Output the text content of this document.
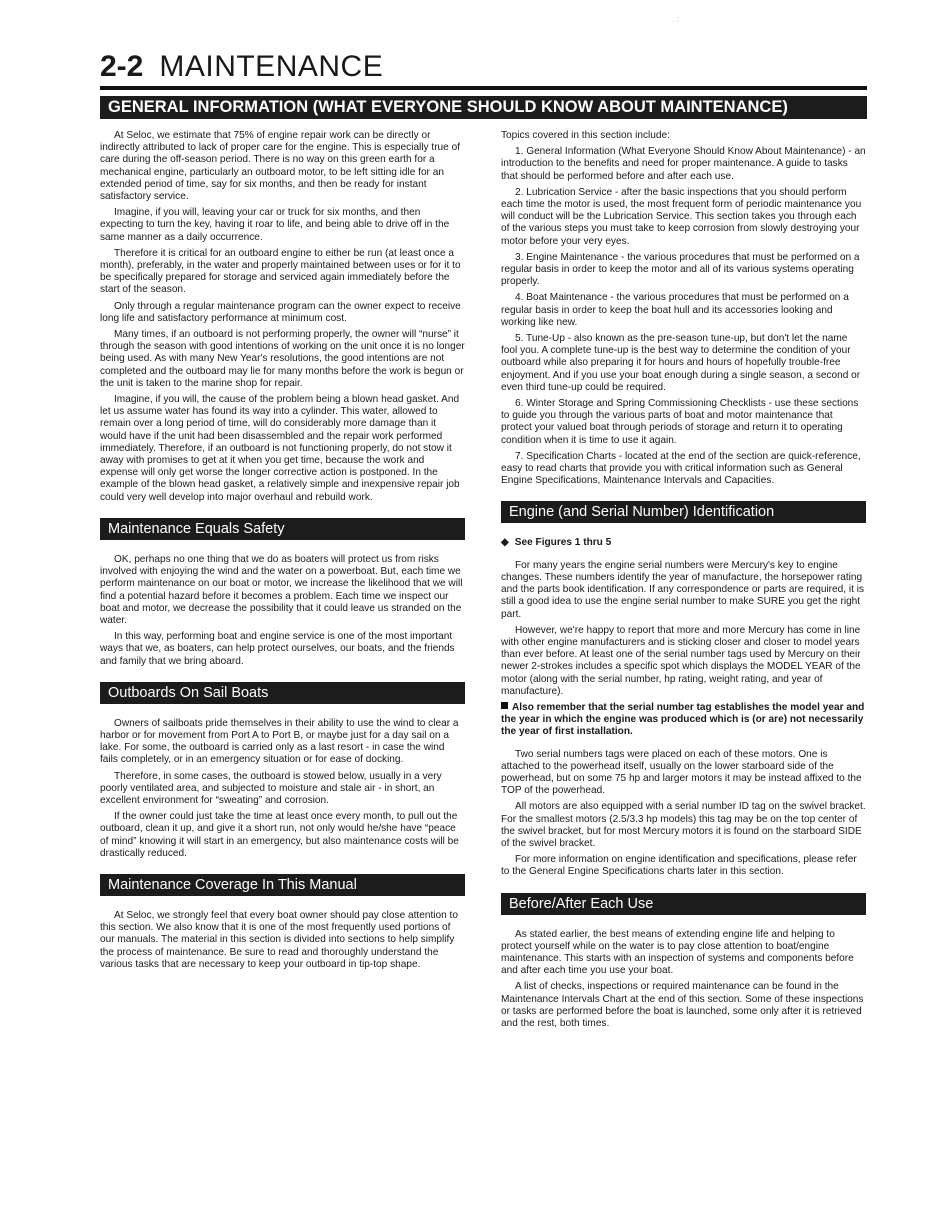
. :
2-2 MAINTENANCE
GENERAL INFORMATION (WHAT EVERYONE SHOULD KNOW ABOUT MAINTENANCE)

At Seloc, we estimate that 75% of engine repair work can be directly or indirectly attributed to lack of proper care for the engine. This is especially true of care during the off-season period. There is no way on this green earth for a mechanical engine, particularly an outboard motor, to be left sitting idle for an extended period of time, say for six months, and then be ready for instant satisfactory service.

Imagine, if you will, leaving your car or truck for six months, and then expecting to turn the key, having it roar to life, and being able to drive off in the same manner as a daily occurrence.

Therefore it is critical for an outboard engine to either be run (at least once a month), preferably, in the water and properly maintained between uses or for it to be specifically prepared for storage and serviced again immediately before the start of the season.

Only through a regular maintenance program can the owner expect to receive long life and satisfactory performance at minimum cost.

Many times, if an outboard is not performing properly, the owner will “nurse” it through the season with good intentions of working on the unit once it is no longer being used. As with many New Year's resolutions, the good intentions are not completed and the outboard may lie for many months before the work is begun or the unit is taken to the marine shop for repair.

Imagine, if you will, the cause of the problem being a blown head gasket. And let us assume water has found its way into a cylinder. This water, allowed to remain over a long period of time, will do considerably more damage than it would have if the unit had been disassembled and the repair work performed immediately. Therefore, if an outboard is not functioning properly, do not stow it away with promises to get at it when you get time, because the work and expense will only get worse the longer corrective action is postponed. In the example of the blown head gasket, a relatively simple and inexpensive repair job could very well develop into major overhaul and rebuild work.

Maintenance Equals Safety

OK, perhaps no one thing that we do as boaters will protect us from risks involved with enjoying the wind and the water on a powerboat. But, each time we perform maintenance on our boat or motor, we increase the likelihood that we will find a potential hazard before it becomes a problem. Each time we inspect our boat and motor, we decrease the possibility that it could leave us stranded on the water.

In this way, performing boat and engine service is one of the most important ways that we, as boaters, can help protect ourselves, our boats, and the friends and family that we bring aboard.

Outboards On Sail Boats

Owners of sailboats pride themselves in their ability to use the wind to clear a harbor or for movement from Port A to Port B, or maybe just for a day sail on a lake. For some, the outboard is carried only as a last resort - in case the wind fails completely, or in an emergency situation or for ease of docking.

Therefore, in some cases, the outboard is stowed below, usually in a very poorly ventilated area, and subjected to moisture and stale air - in short, an excellent environment for “sweating” and corrosion.

If the owner could just take the time at least once every month, to pull out the outboard, clean it up, and give it a short run, not only would he/she have “peace of mind” knowing it will start in an emergency, but also maintenance costs will be drastically reduced.

Maintenance Coverage In This Manual

At Seloc, we strongly feel that every boat owner should pay close attention to this section. We also know that it is one of the most frequently used portions of our manuals. The material in this section is divided into sections to help simplify the process of maintenance. Be sure to read and thoroughly understand the various tasks that are necessary to keep your outboard in tip-top shape.

Topics covered in this section include:

1. General Information (What Everyone Should Know About Maintenance) - an introduction to the benefits and need for proper maintenance. A guide to tasks that should be performed before and after each use.

2. Lubrication Service - after the basic inspections that you should perform each time the motor is used, the most frequent form of periodic maintenance you will conduct will be the Lubrication Service. This section takes you through each of the various steps you must take to keep corrosion from slowly destroying your motor before your very eyes.

3. Engine Maintenance - the various procedures that must be performed on a regular basis in order to keep the motor and all of its various systems operating properly.

4. Boat Maintenance - the various procedures that must be performed on a regular basis in order to keep the boat hull and its accessories looking and working like new.

5. Tune-Up - also known as the pre-season tune-up, but don't let the name fool you. A complete tune-up is the best way to determine the condition of your outboard while also preparing it for hours and hours of hopefully trouble-free enjoyment. And if you use your boat enough during a single season, a second or even third tune-up could be required.

6. Winter Storage and Spring Commissioning Checklists - use these sections to guide you through the various parts of boat and motor maintenance that protect your valued boat through periods of storage and return it to operating condition when it is time to use it again.

7. Specification Charts - located at the end of the section are quick-reference, easy to read charts that provide you with critical information such as General Engine Specifications, Maintenance Intervals and Capacities.

Engine (and Serial Number) Identification
◆ See Figures 1 thru 5

For many years the engine serial numbers were Mercury's key to engine changes. These numbers identify the year of manufacture, the horsepower rating and the parts book identification. If any correspondence or parts are required, it is still a good idea to use the engine serial number to make SURE you get the right part.

However, we're happy to report that more and more Mercury has come in line with other engine manufacturers and is sticking closer and closer to model years than ever before. At least one of the serial number tags used by Mercury on their newer 2-strokes includes a specific spot which displays the MODEL YEAR of the motor (along with the serial number, hp rating, weight rating, and year of manufacture).

Also remember that the serial number tag establishes the model year and the year in which the engine was produced which is (or are) not necessarily the year of first installation.

Two serial numbers tags were placed on each of these motors. One is attached to the powerhead itself, usually on the lower starboard side of the powerhead, but on some 75 hp and larger motors it may be instead affixed to the TOP of the powerhead.

All motors are also equipped with a serial number ID tag on the swivel bracket. For the smallest motors (2.5/3.3 hp models) this tag may be on the top center of the swivel bracket, but for most Mercury motors it is found on the starboard SIDE of the swivel bracket.

For more information on engine identification and specifications, please refer to the General Engine Specifications charts later in this section.

Before/After Each Use

As stated earlier, the best means of extending engine life and helping to protect yourself while on the water is to pay close attention to boat/engine maintenance. This starts with an inspection of systems and components before and after each time you use your boat.

A list of checks, inspections or required maintenance can be found in the Maintenance Intervals Chart at the end of this section. Some of these inspections or tasks are performed before the boat is launched, some only after it is retrieved and the rest, both times.
